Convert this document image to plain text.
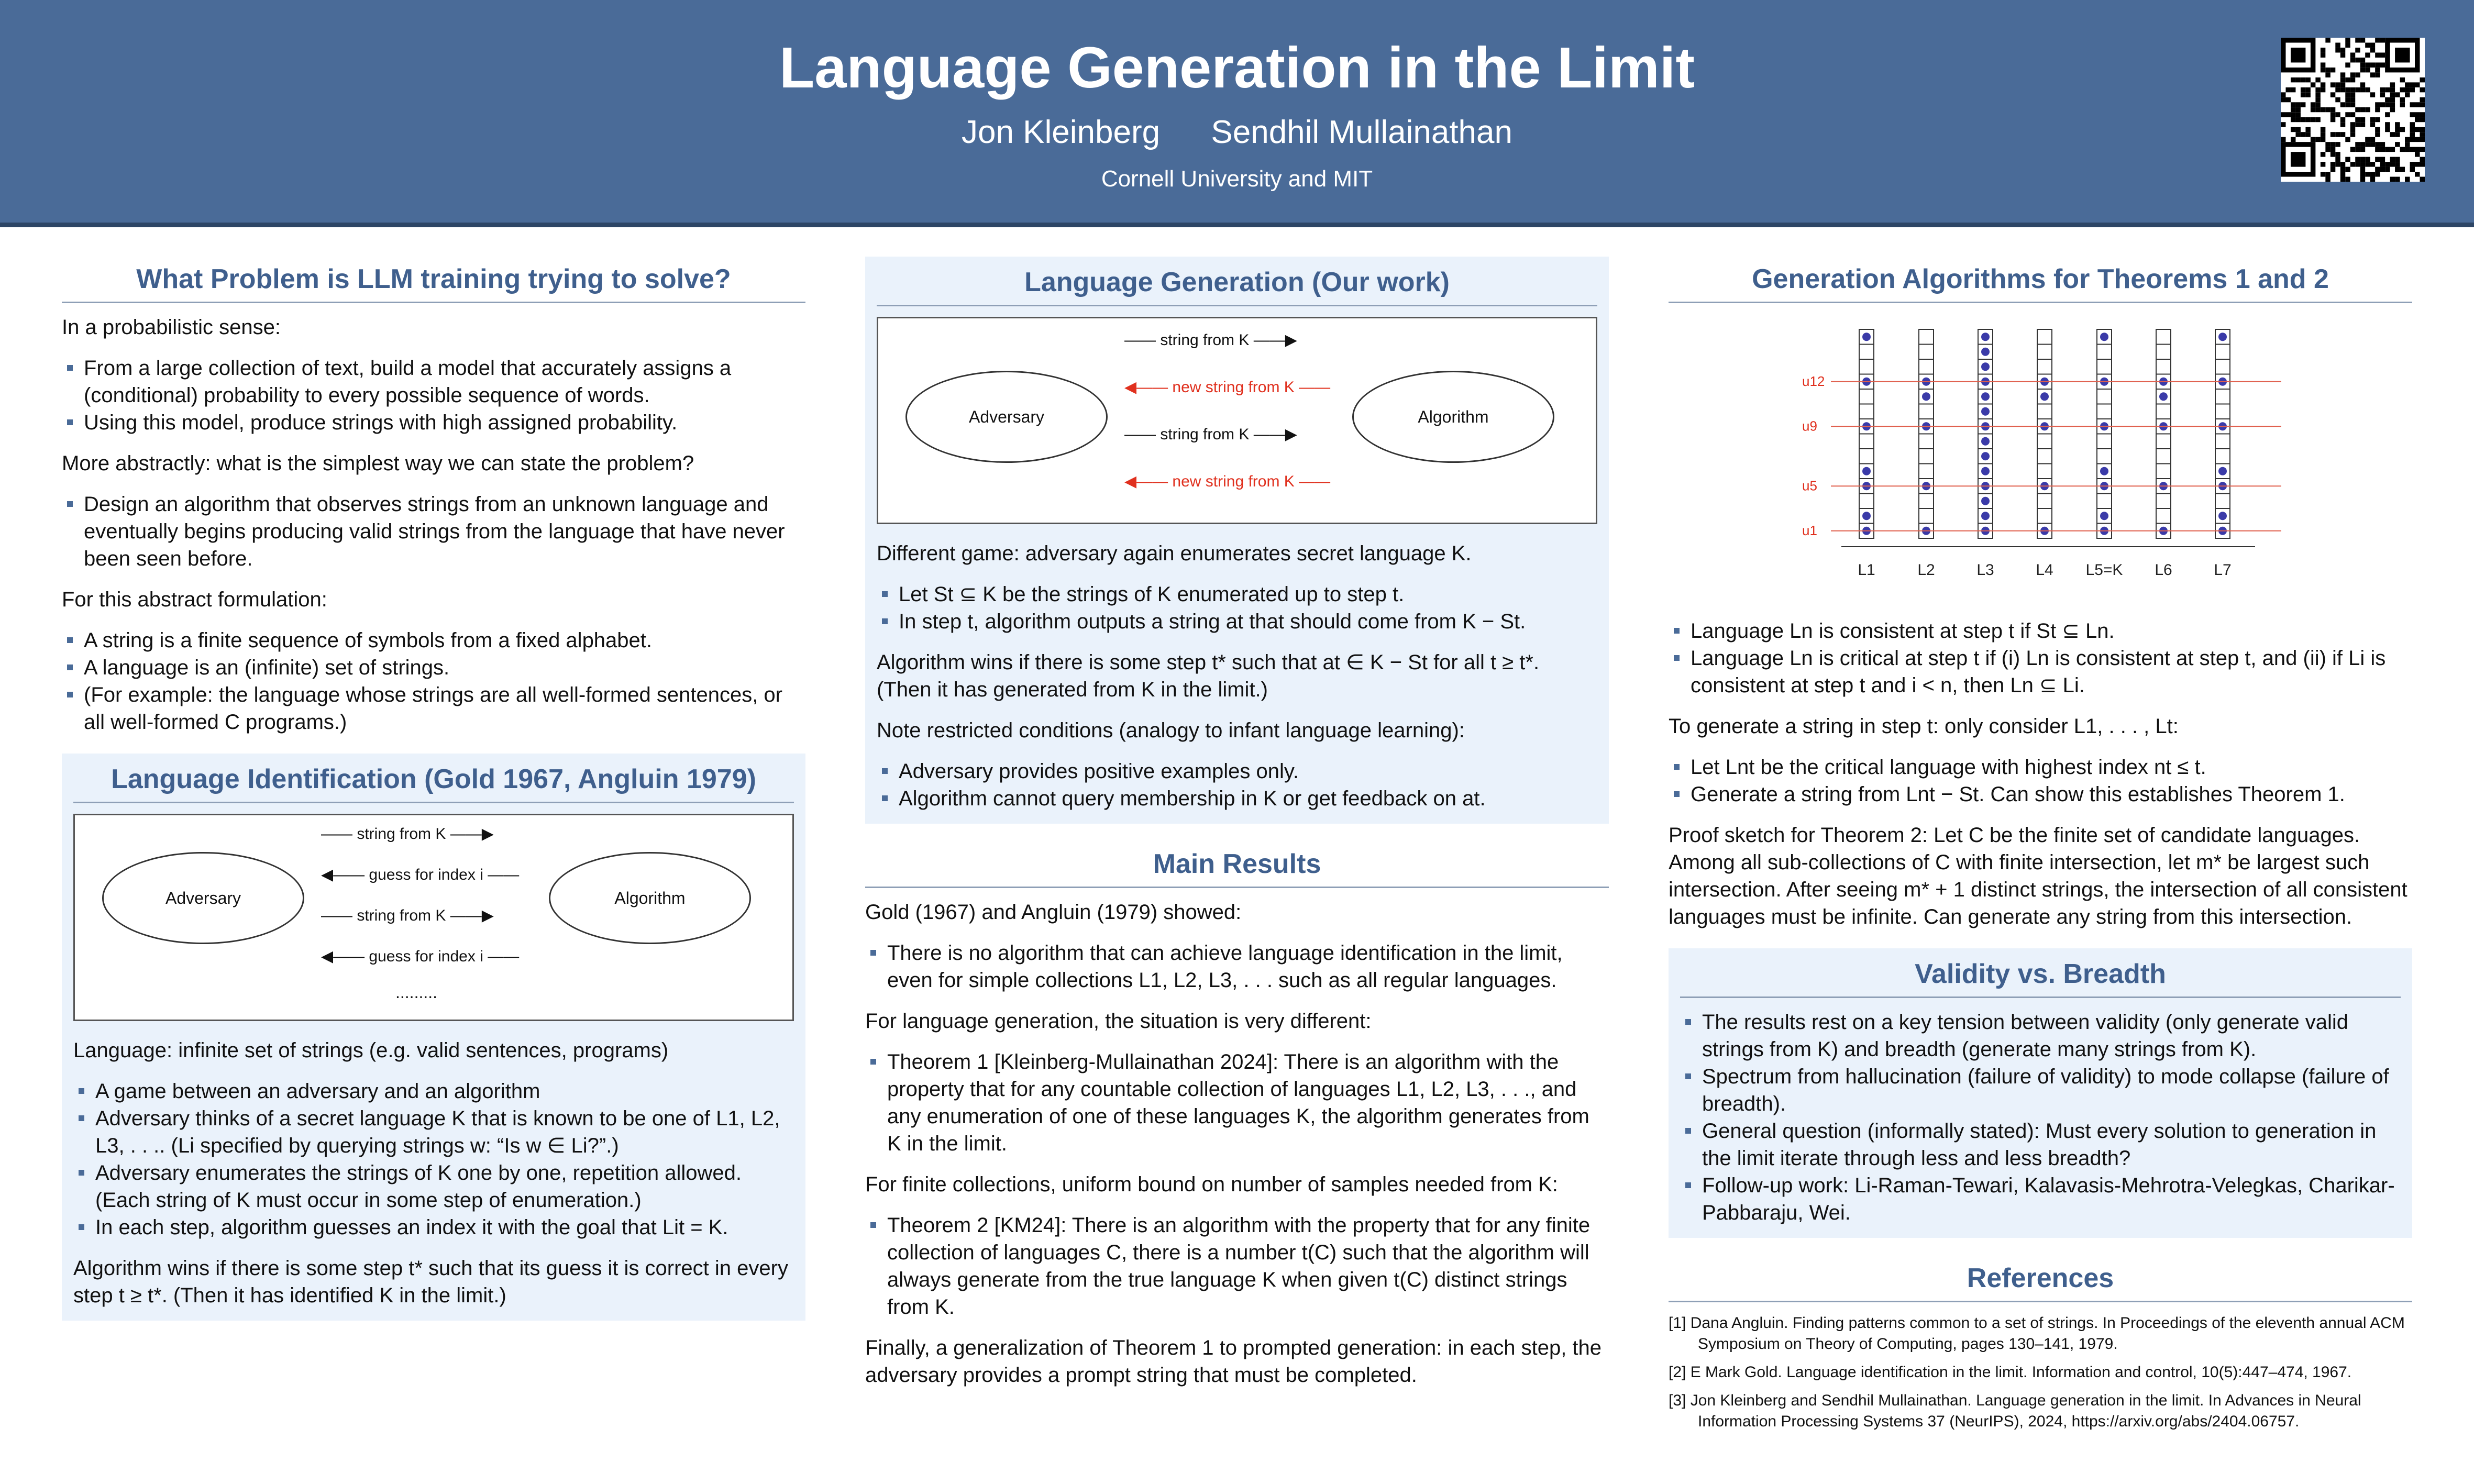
Language Generation in the Limit
Jon Kleinberg Sendhil Mullainathan
Cornell University and MIT
What Problem is LLM training trying to solve?

In a probabilistic sense:

From a large collection of text, build a model that accurately assigns a (conditional) probability to every possible sequence of words.
Using this model, produce strings with high assigned probability.

More abstractly: what is the simplest way we can state the problem?

Design an algorithm that observes strings from an unknown language and eventually begins producing valid strings from the language that have never been seen before.

For this abstract formulation:

A string is a finite sequence of symbols from a fixed alphabet.
A language is an (infinite) set of strings.
(For example: the language whose strings are all well-formed sentences, or all well-formed C programs.)
Language Identification (Gold 1967, Angluin 1979)
Adversary	Algorithm
—— string from K ——▶
◀—— guess for index i ——
—— string from K ——▶
◀—— guess for index i ——
.........

Language: infinite set of strings (e.g. valid sentences, programs)

A game between an adversary and an algorithm
Adversary thinks of a secret language K that is known to be one of L1, L2, L3, . . .. (Li specified by querying strings w: “Is w ∈ Li?”.)
Adversary enumerates the strings of K one by one, repetition allowed. (Each string of K must occur in some step of enumeration.)
In each step, algorithm guesses an index it with the goal that Lit = K.

Algorithm wins if there is some step t* such that its guess it is correct in every step t ≥ t*. (Then it has identified K in the limit.)

Language Generation (Our work)
Adversary	Algorithm
—— string from K ——▶
◀—— new string from K ——
—— string from K ——▶
◀—— new string from K ——

Different game: adversary again enumerates secret language K.

Let St ⊆ K be the strings of K enumerated up to step t.
In step t, algorithm outputs a string at that should come from K − St.

Algorithm wins if there is some step t* such that at ∈ K − St for all t ≥ t*. (Then it has generated from K in the limit.)

Note restricted conditions (analogy to infant language learning):

Adversary provides positive examples only.
Algorithm cannot query membership in K or get feedback on at.
Main Results

Gold (1967) and Angluin (1979) showed:

There is no algorithm that can achieve language identification in the limit, even for simple collections L1, L2, L3, . . . such as all regular languages.

For language generation, the situation is very different:

Theorem 1 [Kleinberg-Mullainathan 2024]: There is an algorithm with the property that for any countable collection of languages L1, L2, L3, . . ., and any enumeration of one of these languages K, the algorithm generates from K in the limit.

For finite collections, uniform bound on number of samples needed from K:

Theorem 2 [KM24]: There is an algorithm with the property that for any finite collection of languages C, there is a number t(C) such that the algorithm will always generate from the true language K when given t(C) distinct strings from K.

Finally, a generalization of Theorem 1 to prompted generation: in each step, the adversary provides a prompt string that must be completed.

Generation Algorithms for Theorems 1 and 2
u12
u9
u5
u1
L1	L2	L3	L4 L5=K L6	L7
Language Ln is consistent at step t if St ⊆ Ln.
Language Ln is critical at step t if (i) Ln is consistent at step t, and (ii) if Li is consistent at step t and i < n, then Ln ⊆ Li.

To generate a string in step t: only consider L1, . . . , Lt:

Let Lnt be the critical language with highest index nt ≤ t.
Generate a string from Lnt − St. Can show this establishes Theorem 1.

Proof sketch for Theorem 2: Let C be the finite set of candidate languages. Among all sub-collections of C with finite intersection, let m* be largest such intersection. After seeing m* + 1 distinct strings, the intersection of all consistent languages must be infinite. Can generate any string from this intersection.

Validity vs. Breadth
The results rest on a key tension between validity (only generate valid strings from K) and breadth (generate many strings from K).
Spectrum from hallucination (failure of validity) to mode collapse (failure of breadth).
General question (informally stated): Must every solution to generation in the limit iterate through less and less breadth?
Follow-up work: Li-Raman-Tewari, Kalavasis-Mehrotra-Velegkas, Charikar-Pabbaraju, Wei.
References

[1] Dana Angluin. Finding patterns common to a set of strings. In Proceedings of the eleventh annual ACM Symposium on Theory of Computing, pages 130–141, 1979.

[2] E Mark Gold. Language identification in the limit. Information and control, 10(5):447–474, 1967.

[3] Jon Kleinberg and Sendhil Mullainathan. Language generation in the limit. In Advances in Neural Information Processing Systems 37 (NeurIPS), 2024, https://arxiv.org/abs/2404.06757.
